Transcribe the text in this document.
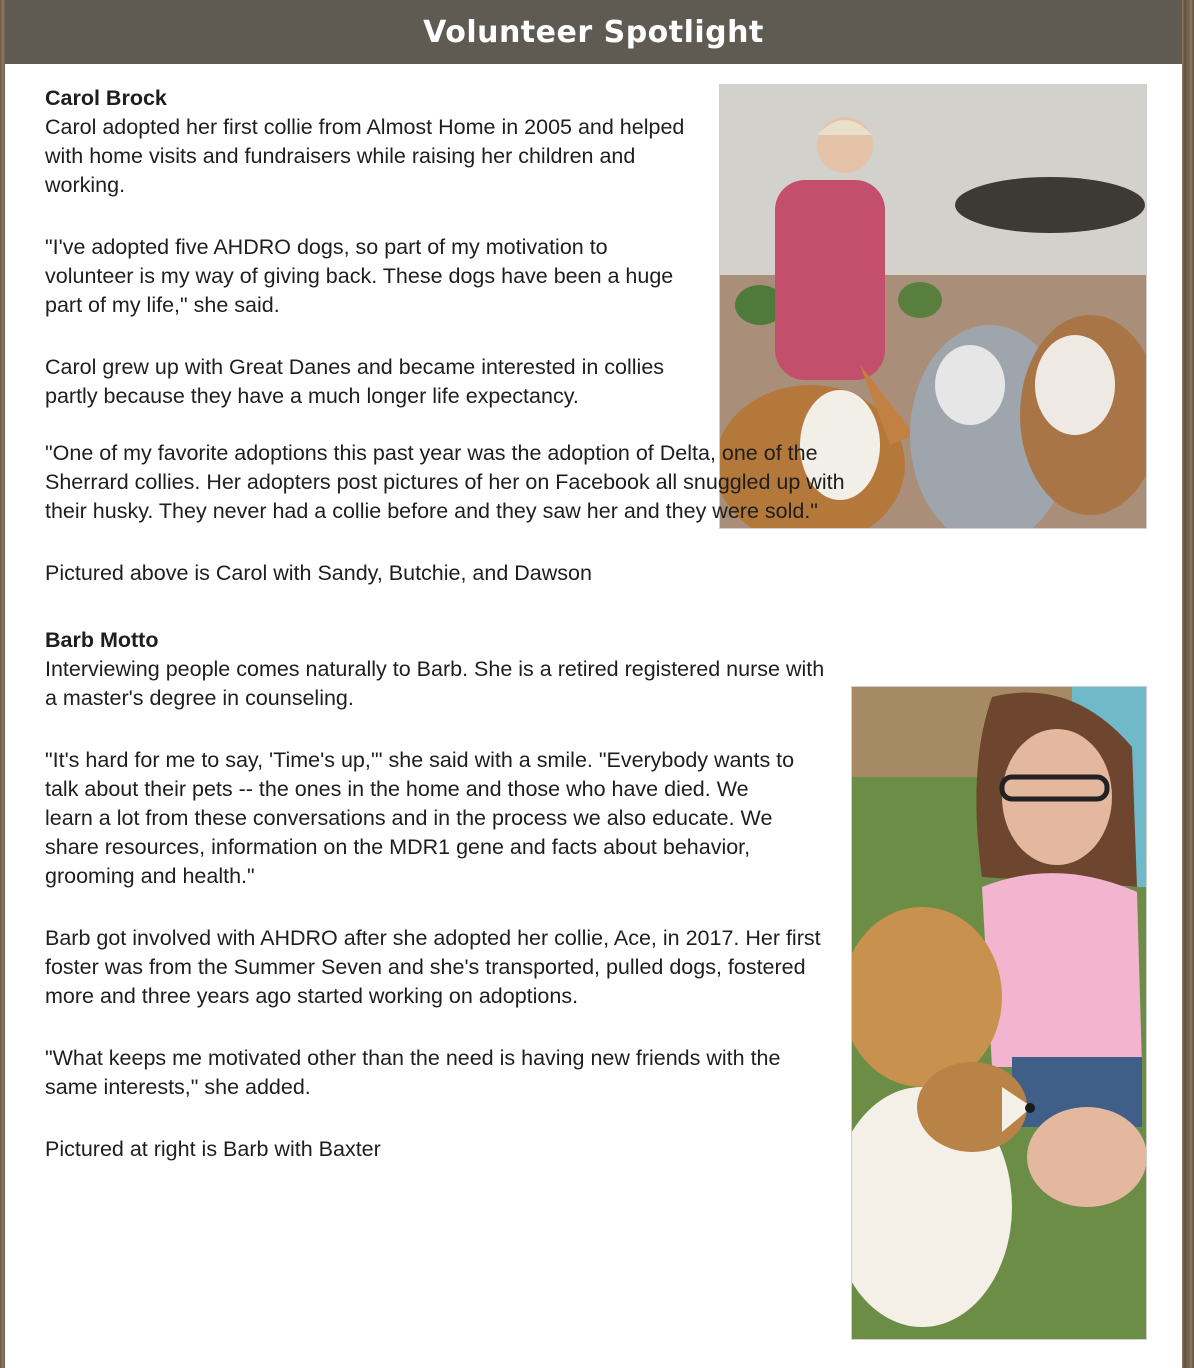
Volunteer Spotlight
Carol Brock

Carol adopted her first collie from Almost Home in 2005 and helped with home visits and fundraisers while raising her children and working.

"I've adopted five AHDRO dogs, so part of my motivation to volunteer is my way of giving back. These dogs have been a huge part of my life," she said.

Carol grew up with Great Danes and became interested in collies partly because they have a much longer life expectancy.

"One of my favorite adoptions this past year was the adoption of Delta, one of the Sherrard collies. Her adopters post pictures of her on Facebook all snuggled up with their husky. They never had a collie before and they saw her and they were sold."

Pictured above is Carol with Sandy, Butchie, and Dawson

Barb Motto

Interviewing people comes naturally to Barb. She is a retired registered nurse with a master's degree in counseling.

"It's hard for me to say, 'Time's up,'" she said with a smile. "Everybody wants to talk about their pets -- the ones in the home and those who have died. We learn a lot from these conversations and in the process we also educate. We share resources, information on the MDR1 gene and facts about behavior, grooming and health."

Barb got involved with AHDRO after she adopted her collie, Ace, in 2017. Her first foster was from the Summer Seven and she's transported, pulled dogs, fostered more and three years ago started working on adoptions.

"What keeps me motivated other than the need is having new friends with the same interests," she added.

Pictured at right is Barb with Baxter
